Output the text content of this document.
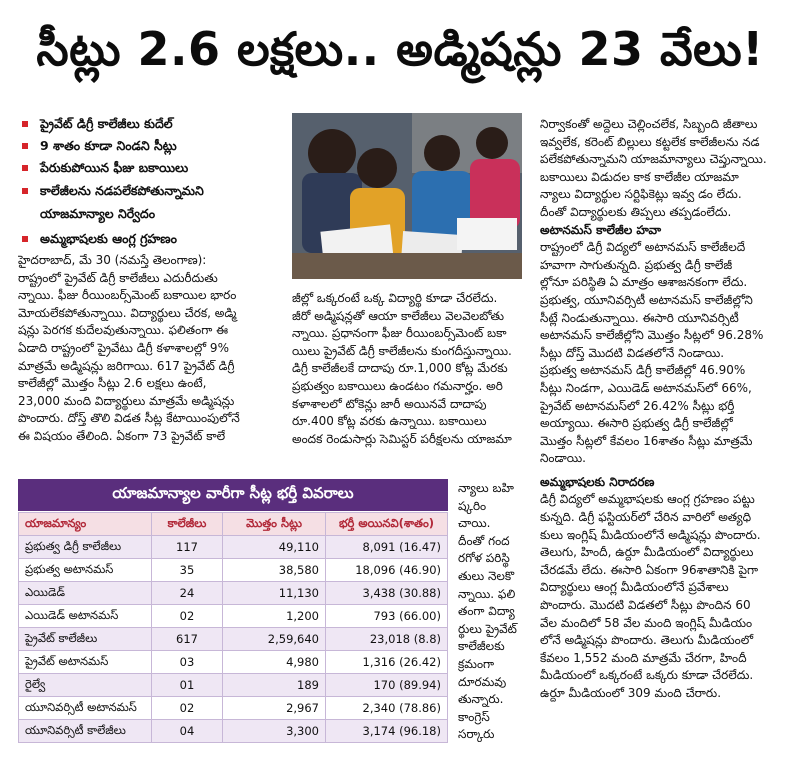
సీట్లు 2.6 లక్షలు.. అడ్మిషన్లు 23 వేలు!
ప్రైవేట్ డిగ్రీ కాలేజీలు కుదేల్
9 శాతం కూడా నిండని సీట్లు
పేరుకుపోయిన ఫీజు బకాయిలు
కాలేజీలను నడపలేకపోతున్నామని
యాజమాన్యాల నిర్వేదం
అమ్మభాషలకు ఆంగ్ల గ్రహణం
హైదరాబాద్, మే 30 (నమస్తే తెలంగాణ):
రాష్ట్రంలో ప్రైవేట్ డిగ్రీ కాలేజీలు ఎదురీదుతు
న్నాయి. ఫీజు రీయింబర్స్‌మెంట్ బకాయిల భారం
మోయలేకపోతున్నాయి. విద్యార్థులు చేరక, అడ్మి
షన్లు పెరగక కుదేలవుతున్నాయి. ఫలితంగా ఈ
ఏడాది రాష్ట్రంలో ప్రైవేటు డిగ్రీ కళాశాలల్లో 9%
మాత్రమే అడ్మిషన్లు జరిగాయి. 617 ప్రైవేట్ డిగ్రీ
కాలేజీల్లో మొత్తం సీట్లు 2.6 లక్షలు ఉంటే,
23,000 మంది విద్యార్థులు మాత్రమే అడ్మిషన్లు
పొందారు. దోస్త్ తొలి విడత సీట్ల కేటాయింపులోనే
ఈ విషయం తేలింది. ఏకంగా 73 ప్రైవేట్ కాలే
జీల్లో ఒక్కరంటే ఒక్క విద్యార్థి కూడా చేరలేదు.
జీరో అడ్మిషన్లతో ఆయా కాలేజీలు వెలవెలబోతు
న్నాయి. ప్రధానంగా ఫీజు రీయింబర్స్‌మెంట్ బకా
యిలు ప్రైవేట్ డిగ్రీ కాలేజీలను కుంగదీస్తున్నాయి.
డిగ్రీ కాలేజీలకే దాదాపు రూ.1,000 కోట్ల మేరకు
ప్రభుత్వం బకాయిలు ఉండటం గమనార్హం. అరి
కళాశాలలో టోకెన్లు జారీ అయినవే దాదాపు
రూ.400 కోట్ల వరకు ఉన్నాయి. బకాయిలు
అందక రెండుసార్లు సెమిస్టర్ పరీక్షలను యాజమా
న్యాలు బహి
ష్కరిం
చాయి.
దీంతో గంద
రగోళ పరిస్థి
తులు నెలకొ
న్నాయి. ఫలి
తంగా విద్యా
ర్థులు ప్రైవేట్
కాలేజీలకు
క్రమంగా
దూరమవు
తున్నారు.
కాంగ్రెస్
సర్కారు
నిర్వాకంతో అద్దెలు చెల్లించలేక, సిబ్బంది జీతాలు
ఇవ్వలేక, కరెంట్ బిల్లులు కట్టలేక కాలేజీలను నడ
పలేకపోతున్నామని యాజమాన్యాలు చెప్తున్నాయి.
బకాయిలు విడుదల కాక కాలేజీల యాజమా
న్యాలు విద్యార్థుల సర్టిఫికెట్లు ఇవ్వ డం లేదు.
దీంతో విద్యార్థులకు తిప్పలు తప్పడంలేదు.
అటానమస్ కాలేజీల హవా
రాష్ట్రంలో డిగ్రీ విద్యలో అటానమస్ కాలేజీలదే
హవాగా సాగుతున్నది. ప్రభుత్వ డిగ్రీ కాలేజీ
ల్లోనూ పరిస్థితి ఏ మాత్రం ఆశాజనకంగా లేదు.
ప్రభుత్వ, యూనివర్సిటీ అటానమస్ కాలేజీల్లోని
సీట్లే నిండుతున్నాయి. ఈసారి యూనివర్సిటీ
అటానమస్ కాలేజీల్లోని మొత్తం సీట్లలో 96.28%
సీట్లు దోస్త్ మొదటి విడతలోనే నిండాయి.
ప్రభుత్వ అటానమస్ డిగ్రీ కాలేజీల్లో 46.90%
సీట్లు నిండగా, ఎయిడెడ్ అటానమస్‌లో 66%,
ప్రైవేట్ అటానమస్‌లో 26.42% సీట్లు భర్తీ
అయ్యాయి. ఈసారి ప్రభుత్వ డిగ్రీ కాలేజీల్లో
మొత్తం సీట్లలో కేవలం 16శాతం సీట్లు మాత్రమే
నిండాయి.
అమ్మభాషలకు నిరాదరణ
డిగ్రీ విద్యలో అమ్మభాషలకు ఆంగ్ల గ్రహణం పట్టు
కున్నది. డిగ్రీ ఫస్టియర్‌లో చేరిన వారిలో అత్యధి
కులు ఇంగ్లిష్ మీడియంలోనే అడ్మిషన్లు పొందారు.
తెలుగు, హిందీ, ఉర్దూ మీడియంలో విద్యార్థులు
చేరడమే లేదు. ఈసారి ఏకంగా 96శాతానికి పైగా
విద్యార్థులు ఆంగ్ల మీడియంలోనే ప్రవేశాలు
పొందారు. మొదటి విడతలో సీట్లు పొందిన 60
వేల మందిలో 58 వేల మంది ఇంగ్లిష్ మీడియం
లోనే అడ్మిషన్లు పొందారు. తెలుగు మీడియంలో
కేవలం 1,552 మంది మాత్రమే చేరగా, హిందీ
మీడియంలో ఒక్కరంటే ఒక్కరు కూడా చేరలేదు.
ఉర్దూ మీడియంలో 309 మంది చేరారు.
యాజమాన్యాల వారీగా సీట్ల భర్తీ వివరాలు
యాజమాన్యం	కాలేజీలు	మొత్తం సీట్లు	భర్తీ అయినవి(శాతం)
ప్రభుత్వ డిగ్రీ కాలేజీలు	117	49,110	8,091 (16.47)
ప్రభుత్వ అటానమస్	35	38,580	18,096 (46.90)
ఎయిడెడ్	24	11,130	3,438 (30.88)
ఎయిడెడ్ అటానమస్	02	1,200	793 (66.00)
ప్రైవేట్ కాలేజీలు	617	2,59,640	23,018 (8.8)
ప్రైవేట్ అటానమస్	03	4,980	1,316 (26.42)
రైల్వే	01	189	170 (89.94)
యూనివర్సిటీ అటానమస్	02	2,967	2,340 (78.86)
యూనివర్సిటీ కాలేజీలు	04	3,300	3,174 (96.18)
